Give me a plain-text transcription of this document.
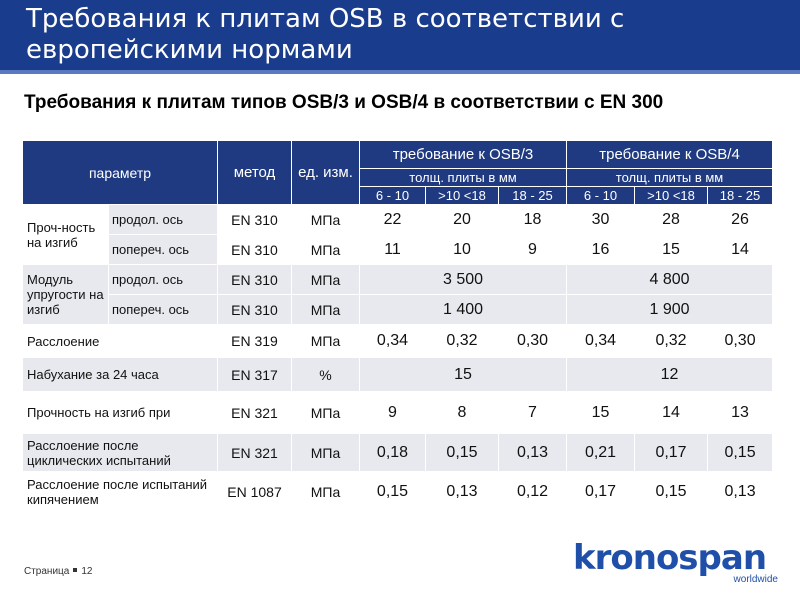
Требования к плитам OSB в соответствии с европейскими нормами
Требования к плитам типов OSB/3 и OSB/4 в соответствии с EN 300
параметр		метод	ед. изм.	требование к OSB/3			требование к OSB/4		
				толщ. плиты в мм			толщ. плиты в мм		
				6 - 10	>10 <18	18 - 25	6 - 10	>10 <18	18 - 25
Проч-ность на изгиб	продол. ось	EN 310	МПа	22	20	18	30	28	26
	попереч. ось	EN 310	МПа	11	10	9	16	15	14
Модуль упругости на изгиб	продол. ось	EN 310	МПа	3 500			4 800		
	попереч. ось	EN 310	МПа	1 400			1 900		
Расслоение		EN 319	МПа	0,34	0,32	0,30	0,34	0,32	0,30
Набухание за 24 часа		EN 317	%	15			12		
Прочность на изгиб при		EN 321	МПа	9	8	7	15	14	13
Расслоение после циклических испытаний		EN 321	МПа	0,18	0,15	0,13	0,21	0,17	0,15
Расслоение после испытаний кипячением		EN 1087	МПа	0,15	0,13	0,12	0,17	0,15	0,13
Страница 12	kronospan
worldwide
